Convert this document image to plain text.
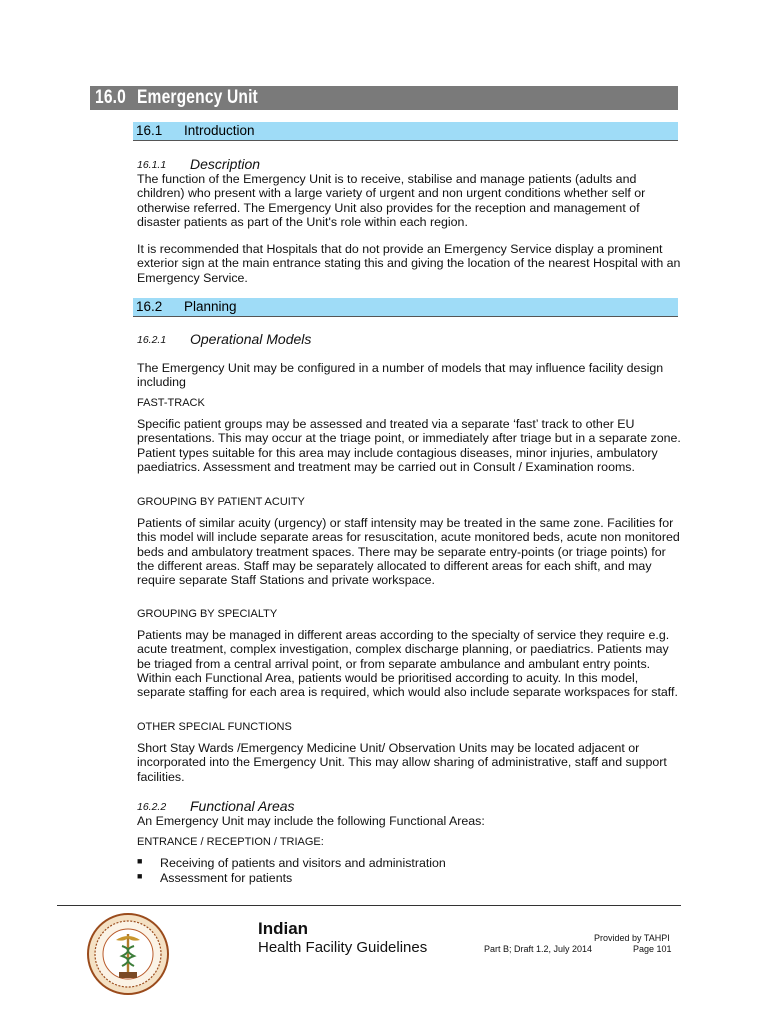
16.0 Emergency Unit
16.1 Introduction
16.1.1 Description

The function of the Emergency Unit is to receive, stabilise and manage patients (adults and children) who present with a large variety of urgent and non urgent conditions whether self or otherwise referred. The Emergency Unit also provides for the reception and management of disaster patients as part of the Unit's role within each region.

It is recommended that Hospitals that do not provide an Emergency Service display a prominent exterior sign at the main entrance stating this and giving the location of the nearest Hospital with an Emergency Service.

16.2 Planning
16.2.1 Operational Models

The Emergency Unit may be configured in a number of models that may influence facility design including

FAST-TRACK

Specific patient groups may be assessed and treated via a separate ‘fast’ track to other EU presentations. This may occur at the triage point, or immediately after triage but in a separate zone. Patient types suitable for this area may include contagious diseases, minor injuries, ambulatory paediatrics. Assessment and treatment may be carried out in Consult / Examination rooms.

GROUPING BY PATIENT ACUITY

Patients of similar acuity (urgency) or staff intensity may be treated in the same zone. Facilities for this model will include separate areas for resuscitation, acute monitored beds, acute non monitored beds and ambulatory treatment spaces. There may be separate entry-points (or triage points) for the different areas. Staff may be separately allocated to different areas for each shift, and may require separate Staff Stations and private workspace.

GROUPING BY SPECIALTY

Patients may be managed in different areas according to the specialty of service they require e.g. acute treatment, complex investigation, complex discharge planning, or paediatrics. Patients may be triaged from a central arrival point, or from separate ambulance and ambulant entry points. Within each Functional Area, patients would be prioritised according to acuity. In this model, separate staffing for each area is required, which would also include separate workspaces for staff.

OTHER SPECIAL FUNCTIONS

Short Stay Wards /Emergency Medicine Unit/ Observation Units may be located adjacent or incorporated into the Emergency Unit. This may allow sharing of administrative, staff and support facilities.

16.2.2 Functional Areas

An Emergency Unit may include the following Functional Areas:

ENTRANCE / RECEPTION / TRIAGE:
■ Receiving of patients and visitors and administration
■ Assessment for patients
Indian
Health Facility Guidelines
Provided by TAHPI
Part B; Draft 1.2, July 2014	Page 101
